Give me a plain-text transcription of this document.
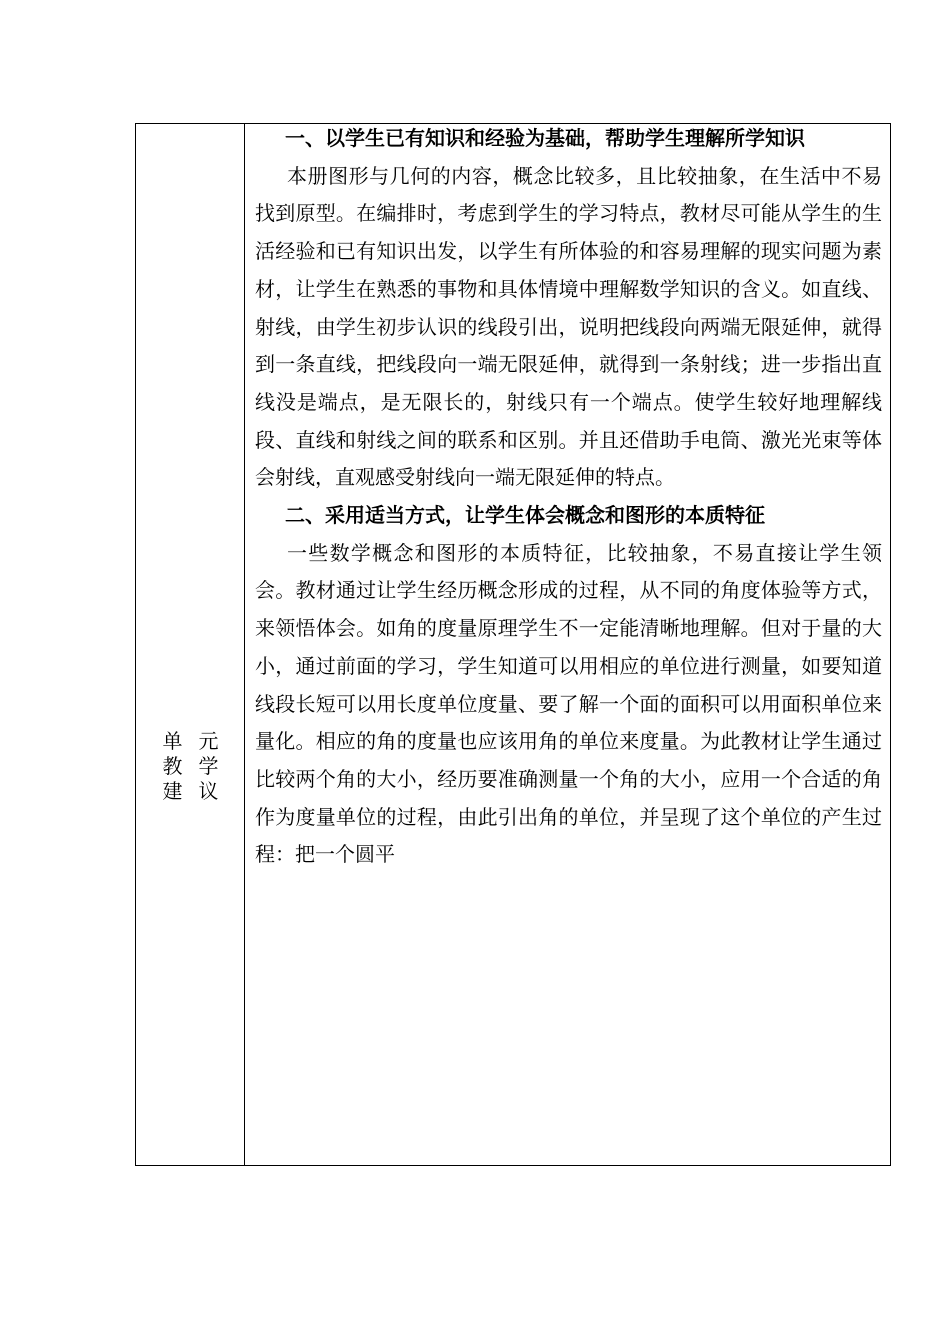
单 元
教 学
建 议

一、以学生已有知识和经验为基础，帮助学生理解所学知识

本册图形与几何的内容，概念比较多，且比较抽象，在生活中不易找到原型。在编排时，考虑到学生的学习特点，教材尽可能从学生的生活经验和已有知识出发，以学生有所体验的和容易理解的现实问题为素材，让学生在熟悉的事物和具体情境中理解数学知识的含义。如直线、射线，由学生初步认识的线段引出，说明把线段向两端无限延伸，就得到一条直线，把线段向一端无限延伸，就得到一条射线；进一步指出直线没是端点，是无限长的，射线只有一个端点。使学生较好地理解线段、直线和射线之间的联系和区别。并且还借助手电筒、激光光束等体会射线，直观感受射线向一端无限延伸的特点。

二、采用适当方式，让学生体会概念和图形的本质特征

一些数学概念和图形的本质特征，比较抽象，不易直接让学生领会。教材通过让学生经历概念形成的过程，从不同的角度体验等方式，来领悟体会。如角的度量原理学生不一定能清晰地理解。但对于量的大小，通过前面的学习，学生知道可以用相应的单位进行测量，如要知道线段长短可以用长度单位度量、要了解一个面的面积可以用面积单位来量化。相应的角的度量也应该用角的单位来度量。为此教材让学生通过比较两个角的大小，经历要准确测量一个角的大小，应用一个合适的角作为度量单位的过程，由此引出角的单位，并呈现了这个单位的产生过程：把一个圆平
